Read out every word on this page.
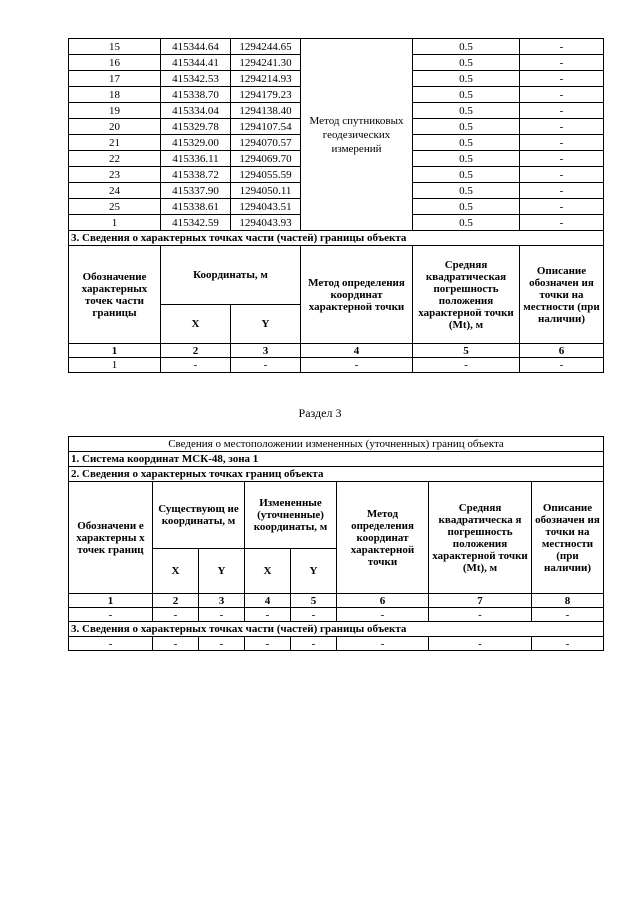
15	415344.64	1294244.65	Метод спутниковых геодезических измерений	0.5	-
16	415344.41	1294241.30		0.5	-
17	415342.53	1294214.93		0.5	-
18	415338.70	1294179.23		0.5	-
19	415334.04	1294138.40		0.5	-
20	415329.78	1294107.54		0.5	-
21	415329.00	1294070.57		0.5	-
22	415336.11	1294069.70		0.5	-
23	415338.72	1294055.59		0.5	-
24	415337.90	1294050.11		0.5	-
25	415338.61	1294043.51		0.5	-
1	415342.59	1294043.93		0.5	-
3. Сведения о характерных точках части (частей) границы объекта					
Обозначение характерных точек части границы	Координаты, м		Метод определения координат характерной точки	Средняя квадратическая погрешность положения характерной точки (Mt), м	Описание обозначен ия точки на местности (при наличии)
	X	Y			
1	2	3	4	5	6
1	-	-	-	-	-
Раздел 3
Сведения о местоположении измененных (уточненных) границ объекта							
1. Система координат МСК-48, зона 1							
2. Сведения о характерных точках границ объекта							
Обозначени е характерны х точек границ	Существующ ие координаты, м		Измененные (уточненные) координаты, м		Метод определения координат характерной точки	Средняя квадратическа я погрешность положения характерной точки (Mt), м	Описание обозначен ия точки на местности (при наличии)
	X	Y	X	Y			
1	2	3	4	5	6	7	8
-	-	-	-	-	-	-	-
3. Сведения о характерных точках части (частей) границы объекта							
-	-	-	-	-	-	-	-
